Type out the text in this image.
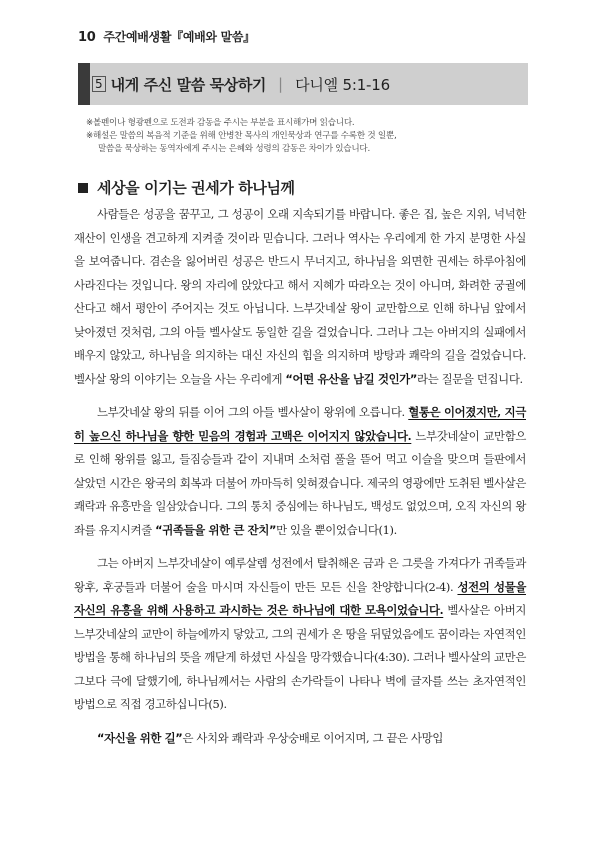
10 주간예배생활『예배와 말씀』
5 내게 주신 말씀 묵상하기 | 다니엘 5:1-16

※볼펜이나 형광펜으로 도전과 감동을 주시는 부분을 표시해가며 읽습니다.

※해설은 말씀의 복음적 기준을 위해 안병찬 목사의 개인묵상과 연구를 수록한 것 일뿐,

말씀을 묵상하는 동역자에게 주시는 은혜와 성령의 감동은 차이가 있습니다.

세상을 이기는 권세가 하나님께

사람들은 성공을 꿈꾸고, 그 성공이 오래 지속되기를 바랍니다. 좋은 집, 높은 지위, 넉넉한 재산이 인생을 견고하게 지켜줄 것이라 믿습니다. 그러나 역사는 우리에게 한 가지 분명한 사실을 보여줍니다. 겸손을 잃어버린 성공은 반드시 무너지고, 하나님을 외면한 권세는 하루아침에 사라진다는 것입니다. 왕의 자리에 앉았다고 해서 지혜가 따라오는 것이 아니며, 화려한 궁궐에 산다고 해서 평안이 주어지는 것도 아닙니다. 느부갓네살 왕이 교만함으로 인해 하나님 앞에서 낮아졌던 것처럼, 그의 아들 벨사살도 동일한 길을 걸었습니다. 그러나 그는 아버지의 실패에서 배우지 않았고, 하나님을 의지하는 대신 자신의 힘을 의지하며 방탕과 쾌락의 길을 걸었습니다. 벨사살 왕의 이야기는 오늘을 사는 우리에게 “어떤 유산을 남길 것인가”라는 질문을 던집니다.

느부갓네살 왕의 뒤를 이어 그의 아들 벨사살이 왕위에 오릅니다. 혈통은 이어졌지만, 지극히 높으신 하나님을 향한 믿음의 경험과 고백은 이어지지 않았습니다. 느부갓네살이 교만함으로 인해 왕위를 잃고, 들짐승들과 같이 지내며 소처럼 풀을 뜯어 먹고 이슬을 맞으며 들판에서 살았던 시간은 왕국의 회복과 더불어 까마득히 잊혀졌습니다. 제국의 영광에만 도취된 벨사살은 쾌락과 유흥만을 일삼았습니다. 그의 통치 중심에는 하나님도, 백성도 없었으며, 오직 자신의 왕좌를 유지시켜줄 “귀족들을 위한 큰 잔치”만 있을 뿐이었습니다(1).

그는 아버지 느부갓네살이 예루살렘 성전에서 탈취해온 금과 은 그릇을 가져다가 귀족들과 왕후, 후궁들과 더불어 술을 마시며 자신들이 만든 모든 신을 찬양합니다(2-4). 성전의 성물을 자신의 유흥을 위해 사용하고 과시하는 것은 하나님에 대한 모욕이었습니다. 벨사살은 아버지 느부갓네살의 교만이 하늘에까지 닿았고, 그의 권세가 온 땅을 뒤덮었음에도 꿈이라는 자연적인 방법을 통해 하나님의 뜻을 깨닫게 하셨던 사실을 망각했습니다(4:30). 그러나 벨사살의 교만은 그보다 극에 달했기에, 하나님께서는 사람의 손가락들이 나타나 벽에 글자를 쓰는 초자연적인 방법으로 직접 경고하십니다(5).

“자신을 위한 길”은 사치와 쾌락과 우상숭배로 이어지며, 그 끝은 사망입
